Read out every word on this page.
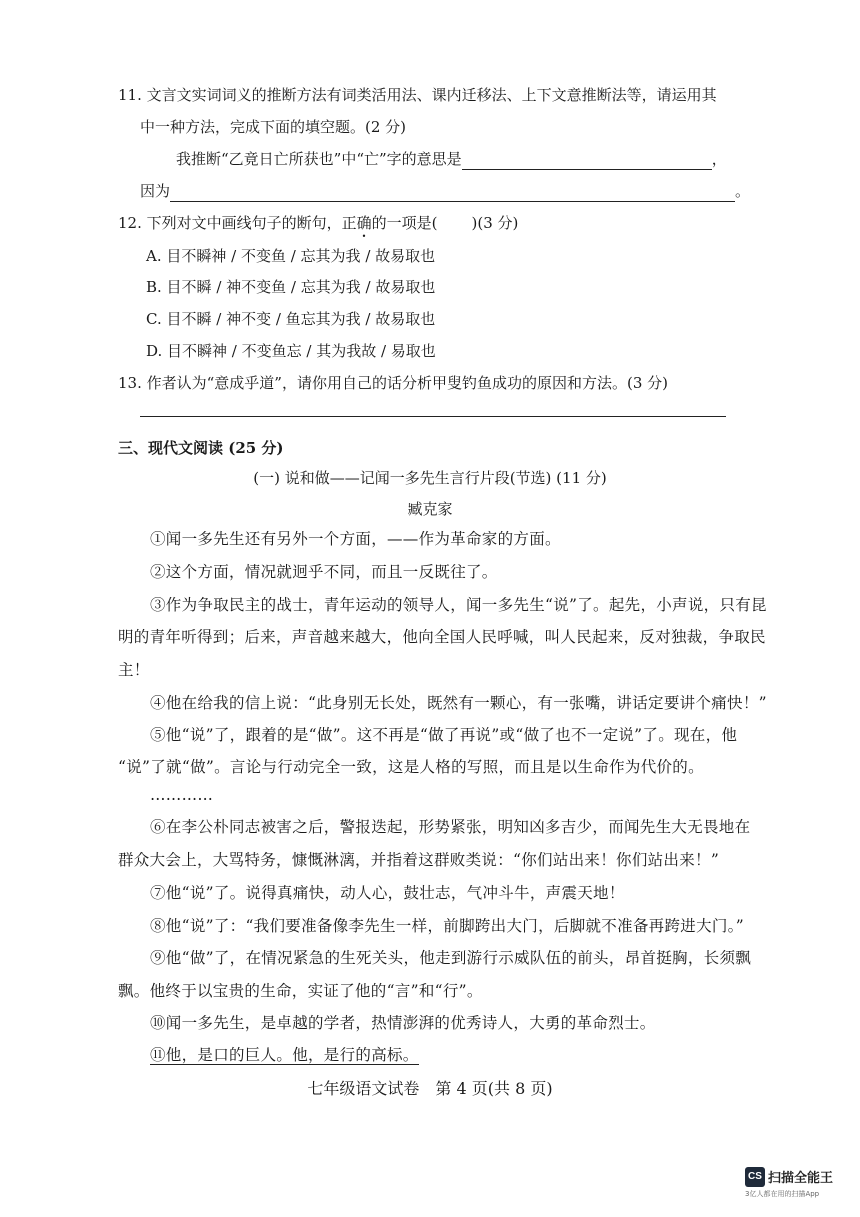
11. 文言文实词词义的推断方法有词类活用法、课内迁移法、上下文意推断法等，请运用其
中一种方法，完成下面的填空题。(2 分)
我推断“乙竟日亡所获也”中“亡”字的意思是	，
因为	。
12. 下列对文中画线句子的断句，正确的一项是( )(3 分)
A. 目不瞬神 / 不变鱼 / 忘其为我 / 故易取也
B. 目不瞬 / 神不变鱼 / 忘其为我 / 故易取也
C. 目不瞬 / 神不变 / 鱼忘其为我 / 故易取也
D. 目不瞬神 / 不变鱼忘 / 其为我故 / 易取也
13. 作者认为“意成乎道”，请你用自己的话分析甲叟钓鱼成功的原因和方法。(3 分)
三、现代文阅读 (25 分)
(一) 说和做——记闻一多先生言行片段(节选) (11 分)
臧克家
①闻一多先生还有另外一个方面，——作为革命家的方面。
②这个方面，情况就迥乎不同，而且一反既往了。
③作为争取民主的战士，青年运动的领导人，闻一多先生“说”了。起先，小声说，只有昆
明的青年听得到；后来，声音越来越大，他向全国人民呼喊，叫人民起来，反对独裁，争取民
主！
④他在给我的信上说：“此身别无长处，既然有一颗心，有一张嘴，讲话定要讲个痛快！”
⑤他“说”了，跟着的是“做”。这不再是“做了再说”或“做了也不一定说”了。现在，他
“说”了就“做”。言论与行动完全一致，这是人格的写照，而且是以生命作为代价的。
…………
⑥在李公朴同志被害之后，警报迭起，形势紧张，明知凶多吉少，而闻先生大无畏地在
群众大会上，大骂特务，慷慨淋漓，并指着这群败类说：“你们站出来！你们站出来！”
⑦他“说”了。说得真痛快，动人心，鼓壮志，气冲斗牛，声震天地！
⑧他“说”了：“我们要准备像李先生一样，前脚跨出大门，后脚就不准备再跨进大门。”
⑨他“做”了，在情况紧急的生死关头，他走到游行示威队伍的前头，昂首挺胸，长须飘
飘。他终于以宝贵的生命，实证了他的“言”和“行”。
⑩闻一多先生，是卓越的学者，热情澎湃的优秀诗人，大勇的革命烈士。
⑪他，是口的巨人。他，是行的高标。
七年级语文试卷　第 4 页(共 8 页)
CS 扫描全能王
3亿人都在用的扫描App
